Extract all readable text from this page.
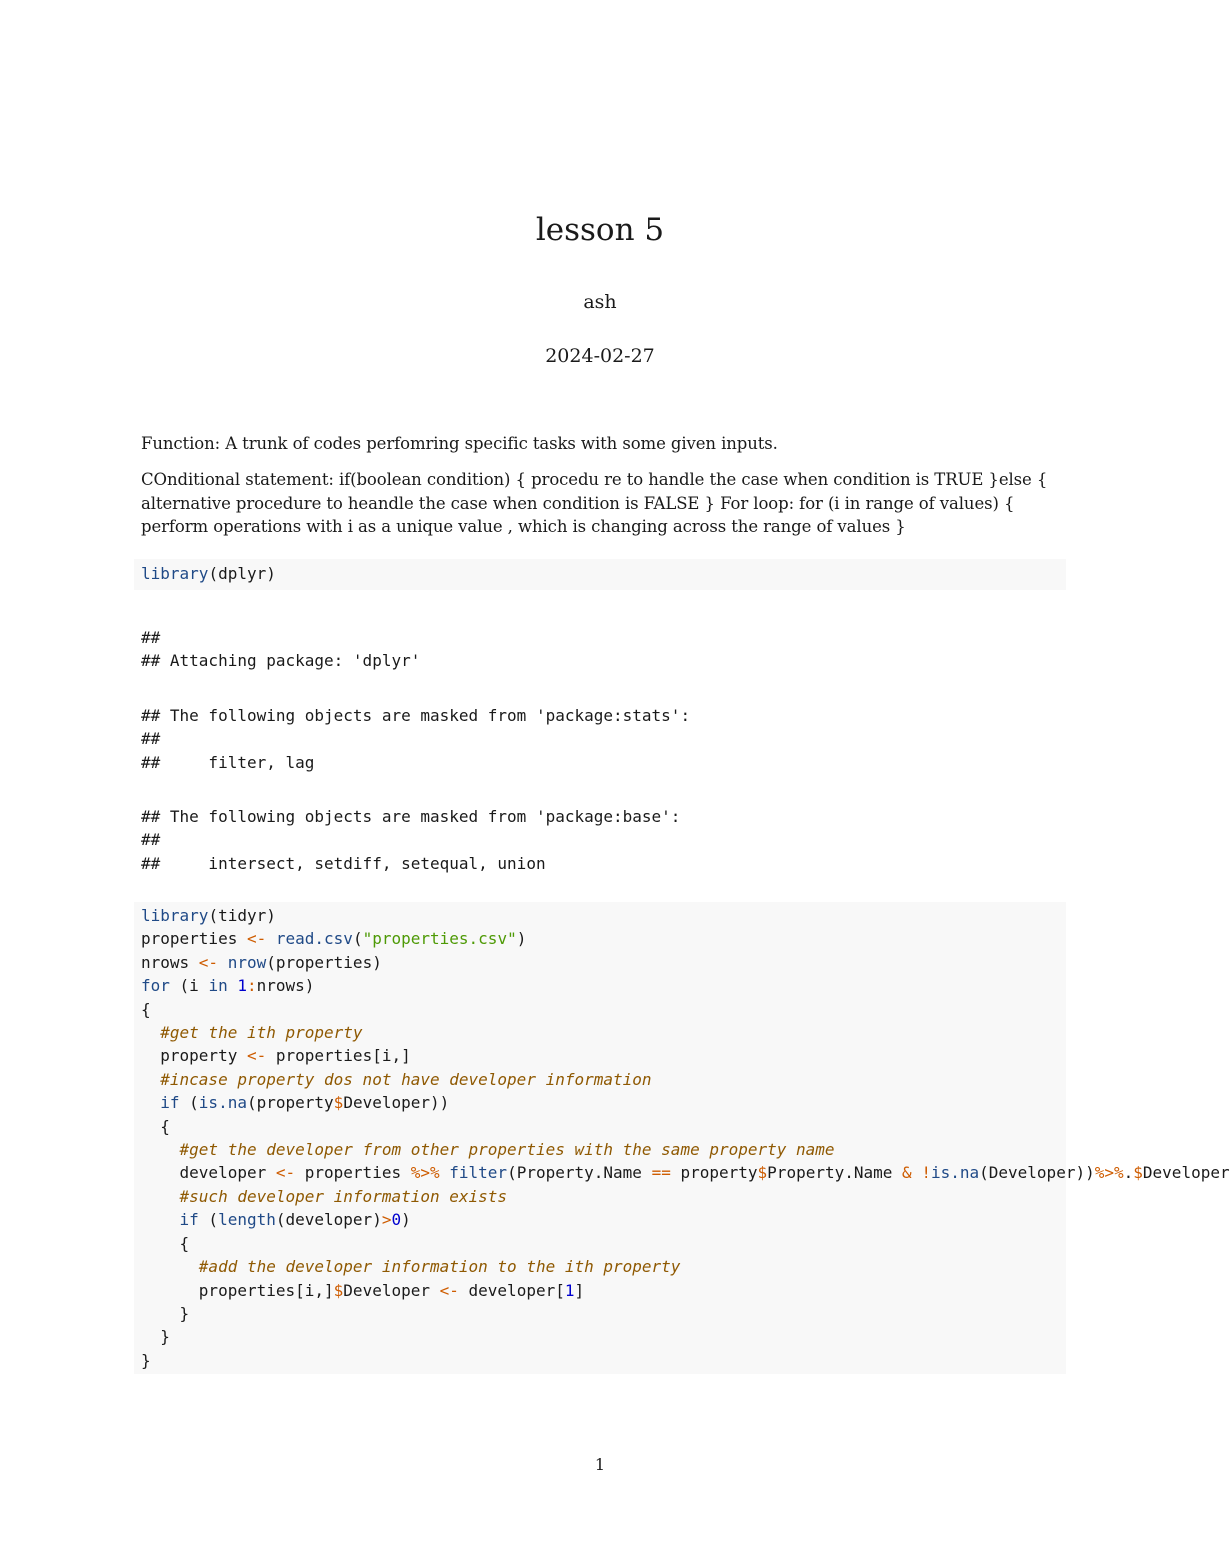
lesson 5
ash
2024-02-27

Function: A trunk of codes perfomring specific tasks with some given inputs.

COnditional statement: if(boolean condition) { procedu re to handle the case when condition is TRUE }else { alternative procedure to heandle the case when condition is FALSE } For loop: for (i in range of values) { perform operations with i as a unique value , which is changing across the range of values }

library(dplyr)
##
## Attaching package: 'dplyr'
## The following objects are masked from 'package:stats':
##
##     filter, lag
## The following objects are masked from 'package:base':
##
##     intersect, setdiff, setequal, union
library(tidyr)
properties <- read.csv("properties.csv")
nrows <- nrow(properties)
for (i in 1:nrows)
{
#get the ith property
property <- properties[i,]
#incase property dos not have developer information
if (is.na(property$Developer))
{
#get the developer from other properties with the same property name
developer <- properties %>% filter(Property.Name == property$Property.Name & !is.na(Developer))%>%.$Developer
#such developer information exists
if (length(developer)>0)
{
#add the developer information to the ith property
properties[i,]$Developer <- developer[1]
}
}
}
1
